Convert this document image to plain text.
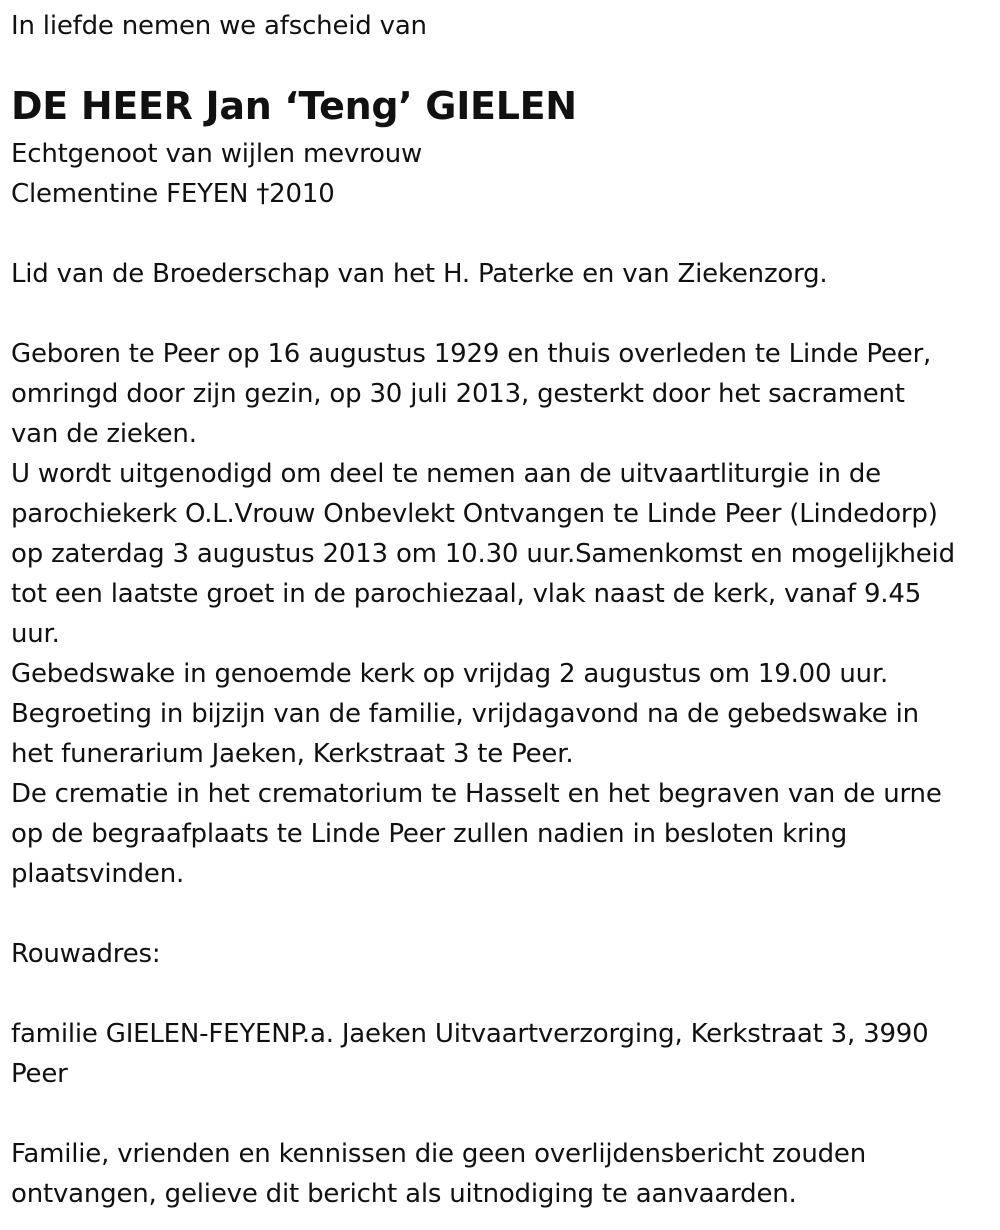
In liefde nemen we afscheid van
DE HEER Jan ‘Teng’ GIELEN
Echtgenoot van wijlen mevrouw
Clementine FEYEN †2010
Lid van de Broederschap van het H. Paterke en van Ziekenzorg.
Geboren te Peer op 16 augustus 1929 en thuis overleden te Linde Peer,
omringd door zijn gezin, op 30 juli 2013, gesterkt door het sacrament
van de zieken.
U wordt uitgenodigd om deel te nemen aan de uitvaartliturgie in de
parochiekerk O.L.Vrouw Onbevlekt Ontvangen te Linde Peer (Lindedorp)
op zaterdag 3 augustus 2013 om 10.30 uur.Samenkomst en mogelijkheid
tot een laatste groet in de parochiezaal, vlak naast de kerk, vanaf 9.45
uur.
Gebedswake in genoemde kerk op vrijdag 2 augustus om 19.00 uur.
Begroeting in bijzijn van de familie, vrijdagavond na de gebedswake in
het funerarium Jaeken, Kerkstraat 3 te Peer.
De crematie in het crematorium te Hasselt en het begraven van de urne
op de begraafplaats te Linde Peer zullen nadien in besloten kring
plaatsvinden.
Rouwadres:
familie GIELEN-FEYENP.a. Jaeken Uitvaartverzorging, Kerkstraat 3, 3990
Peer
Familie, vrienden en kennissen die geen overlijdensbericht zouden
ontvangen, gelieve dit bericht als uitnodiging te aanvaarden.
